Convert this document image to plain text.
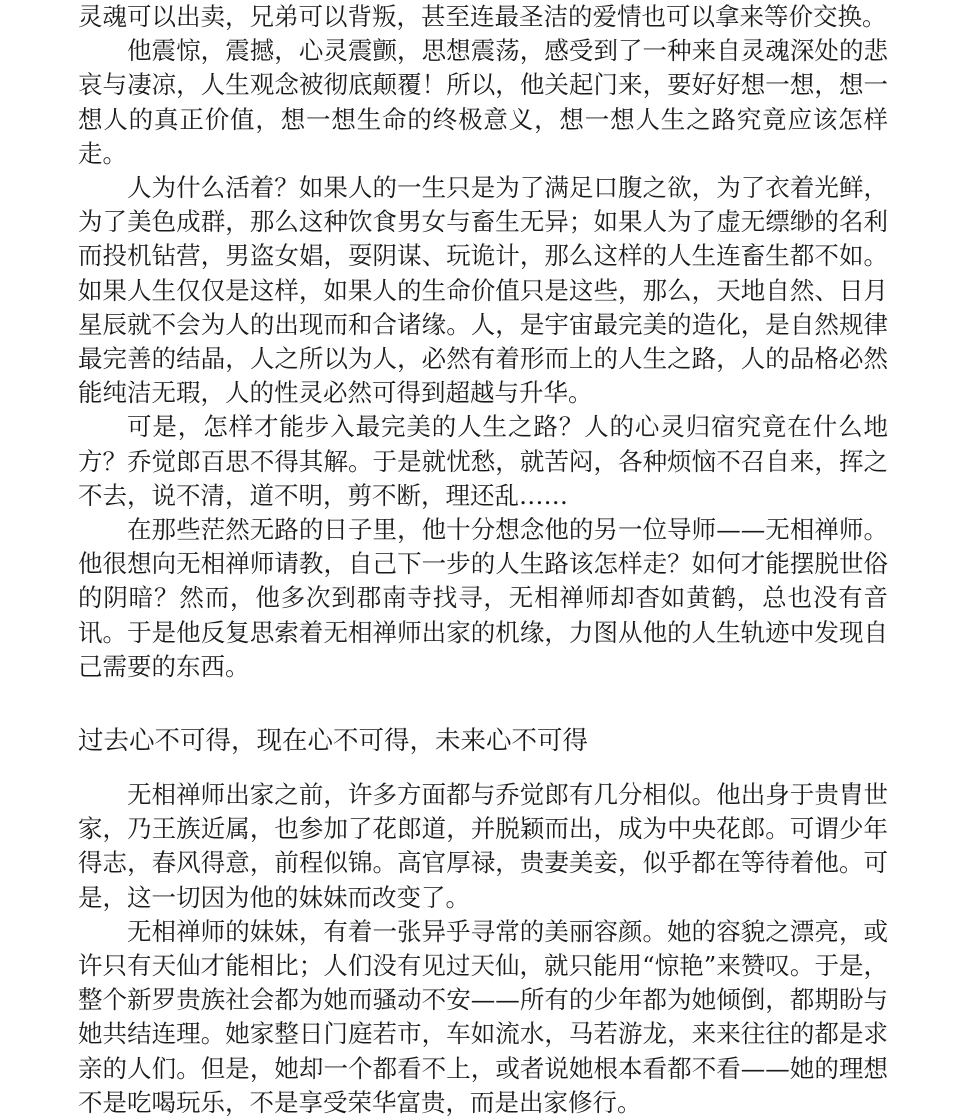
灵魂可以出卖，兄弟可以背叛，甚至连最圣洁的爱情也可以拿来等价交换。

他震惊，震撼，心灵震颤，思想震荡，感受到了一种来自灵魂深处的悲哀与凄凉，人生观念被彻底颠覆！所以，他关起门来，要好好想一想，想一想人的真正价值，想一想生命的终极意义，想一想人生之路究竟应该怎样走。

人为什么活着？如果人的一生只是为了满足口腹之欲，为了衣着光鲜，为了美色成群，那么这种饮食男女与畜生无异；如果人为了虚无缥缈的名利而投机钻营，男盗女娼，耍阴谋、玩诡计，那么这样的人生连畜生都不如。如果人生仅仅是这样，如果人的生命价值只是这些，那么，天地自然、日月星辰就不会为人的出现而和合诸缘。人，是宇宙最完美的造化，是自然规律最完善的结晶，人之所以为人，必然有着形而上的人生之路，人的品格必然能纯洁无瑕，人的性灵必然可得到超越与升华。

可是，怎样才能步入最完美的人生之路？人的心灵归宿究竟在什么地方？乔觉郎百思不得其解。于是就忧愁，就苦闷，各种烦恼不召自来，挥之不去，说不清，道不明，剪不断，理还乱……

在那些茫然无路的日子里，他十分想念他的另一位导师——无相禅师。他很想向无相禅师请教，自己下一步的人生路该怎样走？如何才能摆脱世俗的阴暗？然而，他多次到郡南寺找寻，无相禅师却杳如黄鹤，总也没有音讯。于是他反复思索着无相禅师出家的机缘，力图从他的人生轨迹中发现自己需要的东西。

过去心不可得，现在心不可得，未来心不可得

无相禅师出家之前，许多方面都与乔觉郎有几分相似。他出身于贵胄世家，乃王族近属，也参加了花郎道，并脱颖而出，成为中央花郎。可谓少年得志，春风得意，前程似锦。高官厚禄，贵妻美妾，似乎都在等待着他。可是，这一切因为他的妹妹而改变了。

无相禅师的妹妹，有着一张异乎寻常的美丽容颜。她的容貌之漂亮，或许只有天仙才能相比；人们没有见过天仙，就只能用“惊艳”来赞叹。于是，整个新罗贵族社会都为她而骚动不安——所有的少年都为她倾倒，都期盼与她共结连理。她家整日门庭若市，车如流水，马若游龙，来来往往的都是求亲的人们。但是，她却一个都看不上，或者说她根本看都不看——她的理想不是吃喝玩乐，不是享受荣华富贵，而是出家修行。
